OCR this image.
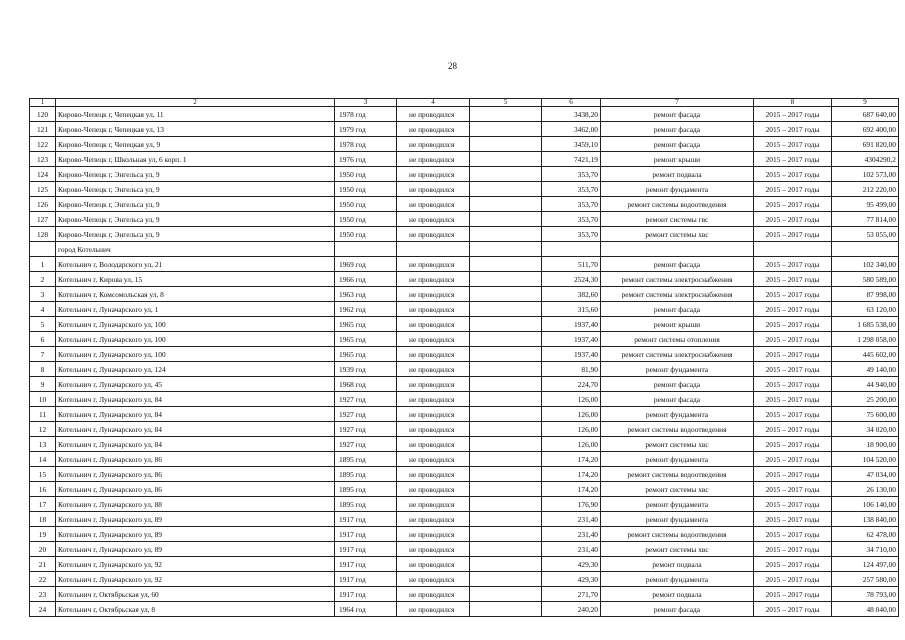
28
1	2	3	4	5	6	7	8	9
120	Кирово-Чепецк г, Чепецкая ул, 11	1978 год	не проводился		3438,20	ремонт фасада	2015 – 2017 годы	687 640,00
121	Кирово-Чепецк г, Чепецкая ул, 13	1979 год	не проводился		3462,00	ремонт фасада	2015 – 2017 годы	692 400,00
122	Кирово-Чепецк г, Чепецкая ул, 9	1978 год	не проводился		3459,10	ремонт фасада	2015 – 2017 годы	691 820,00
123	Кирово-Чепецк г, Школьная ул, 6 корп. 1	1976 год	не проводился		7421,19	ремонт крыши	2015 – 2017 годы	4304290,2
124	Кирово-Чепецк г, Энгельса ул, 9	1950 год	не проводился		353,70	ремонт подвала	2015 – 2017 годы	102 573,00
125	Кирово-Чепецк г, Энгельса ул, 9	1950 год	не проводился		353,70	ремонт фундамента	2015 – 2017 годы	212 220,00
126	Кирово-Чепецк г, Энгельса ул, 9	1950 год	не проводился		353,70	ремонт системы водоотведения	2015 – 2017 годы	95 499,00
127	Кирово-Чепецк г, Энгельса ул, 9	1950 год	не проводился		353,70	ремонт системы гвс	2015 – 2017 годы	77 814,00
128	Кирово-Чепецк г, Энгельса ул, 9	1950 год	не проводился		353,70	ремонт системы хвс	2015 – 2017 годы	53 055,00
	город Котельнич							
1	Котельнич г, Володарского ул, 21	1969 год	не проводился		511,70	ремонт фасада	2015 – 2017 годы	102 340,00
2	Котельнич г, Кирова ул, 15	1966 год	не проводился		2524,30	ремонт системы электроснабжения	2015 – 2017 годы	580 589,00
3	Котельнич г, Комсомольская ул, 8	1963 год	не проводился		382,60	ремонт системы электроснабжения	2015 – 2017 годы	87 998,00
4	Котельнич г, Луначарского ул, 1	1962 год	не проводился		315,60	ремонт фасада	2015 – 2017 годы	63 120,00
5	Котельнич г, Луначарского ул, 100	1965 год	не проводился		1937,40	ремонт крыши	2015 – 2017 годы	1 685 538,00
6	Котельнич г, Луначарского ул, 100	1965 год	не проводился		1937,40	ремонт системы отопления	2015 – 2017 годы	1 298 058,00
7	Котельнич г, Луначарского ул, 100	1965 год	не проводился		1937,40	ремонт системы электроснабжения	2015 – 2017 годы	445 602,00
8	Котельнич г, Луначарского ул, 124	1939 год	не проводился		81,90	ремонт фундамента	2015 – 2017 годы	49 140,00
9	Котельнич г, Луначарского ул, 45	1968 год	не проводился		224,70	ремонт фасада	2015 – 2017 годы	44 940,00
10	Котельнич г, Луначарского ул, 84	1927 год	не проводился		126,00	ремонт фасада	2015 – 2017 годы	25 200,00
11	Котельнич г, Луначарского ул, 84	1927 год	не проводился		126,00	ремонт фундамента	2015 – 2017 годы	75 600,00
12	Котельнич г, Луначарского ул, 84	1927 год	не проводился		126,00	ремонт системы водоотведения	2015 – 2017 годы	34 020,00
13	Котельнич г, Луначарского ул, 84	1927 год	не проводился		126,00	ремонт системы хвс	2015 – 2017 годы	18 900,00
14	Котельнич г, Луначарского ул, 86	1895 год	не проводился		174,20	ремонт фундамента	2015 – 2017 годы	104 520,00
15	Котельнич г, Луначарского ул, 86	1895 год	не проводился		174,20	ремонт системы водоотведения	2015 – 2017 годы	47 034,00
16	Котельнич г, Луначарского ул, 86	1895 год	не проводился		174,20	ремонт системы хвс	2015 – 2017 годы	26 130,00
17	Котельнич г, Луначарского ул, 88	1895 год	не проводился		176,90	ремонт фундамента	2015 – 2017 годы	106 140,00
18	Котельнич г, Луначарского ул, 89	1917 год	не проводился		231,40	ремонт фундамента	2015 – 2017 годы	138 840,00
19	Котельнич г, Луначарского ул, 89	1917 год	не проводился		231,40	ремонт системы водоотведения	2015 – 2017 годы	62 478,00
20	Котельнич г, Луначарского ул, 89	1917 год	не проводился		231,40	ремонт системы хвс	2015 – 2017 годы	34 710,00
21	Котельнич г, Луначарского ул, 92	1917 год	не проводился		429,30	ремонт подвала	2015 – 2017 годы	124 497,00
22	Котельнич г, Луначарского ул, 92	1917 год	не проводился		429,30	ремонт фундамента	2015 – 2017 годы	257 580,00
23	Котельнич г, Октябрьская ул, 60	1917 год	не проводился		271,70	ремонт подвала	2015 – 2017 годы	78 793,00
24	Котельнич г, Октябрьская ул, 8	1964 год	не проводился		240,20	ремонт фасада	2015 – 2017 годы	48 040,00
